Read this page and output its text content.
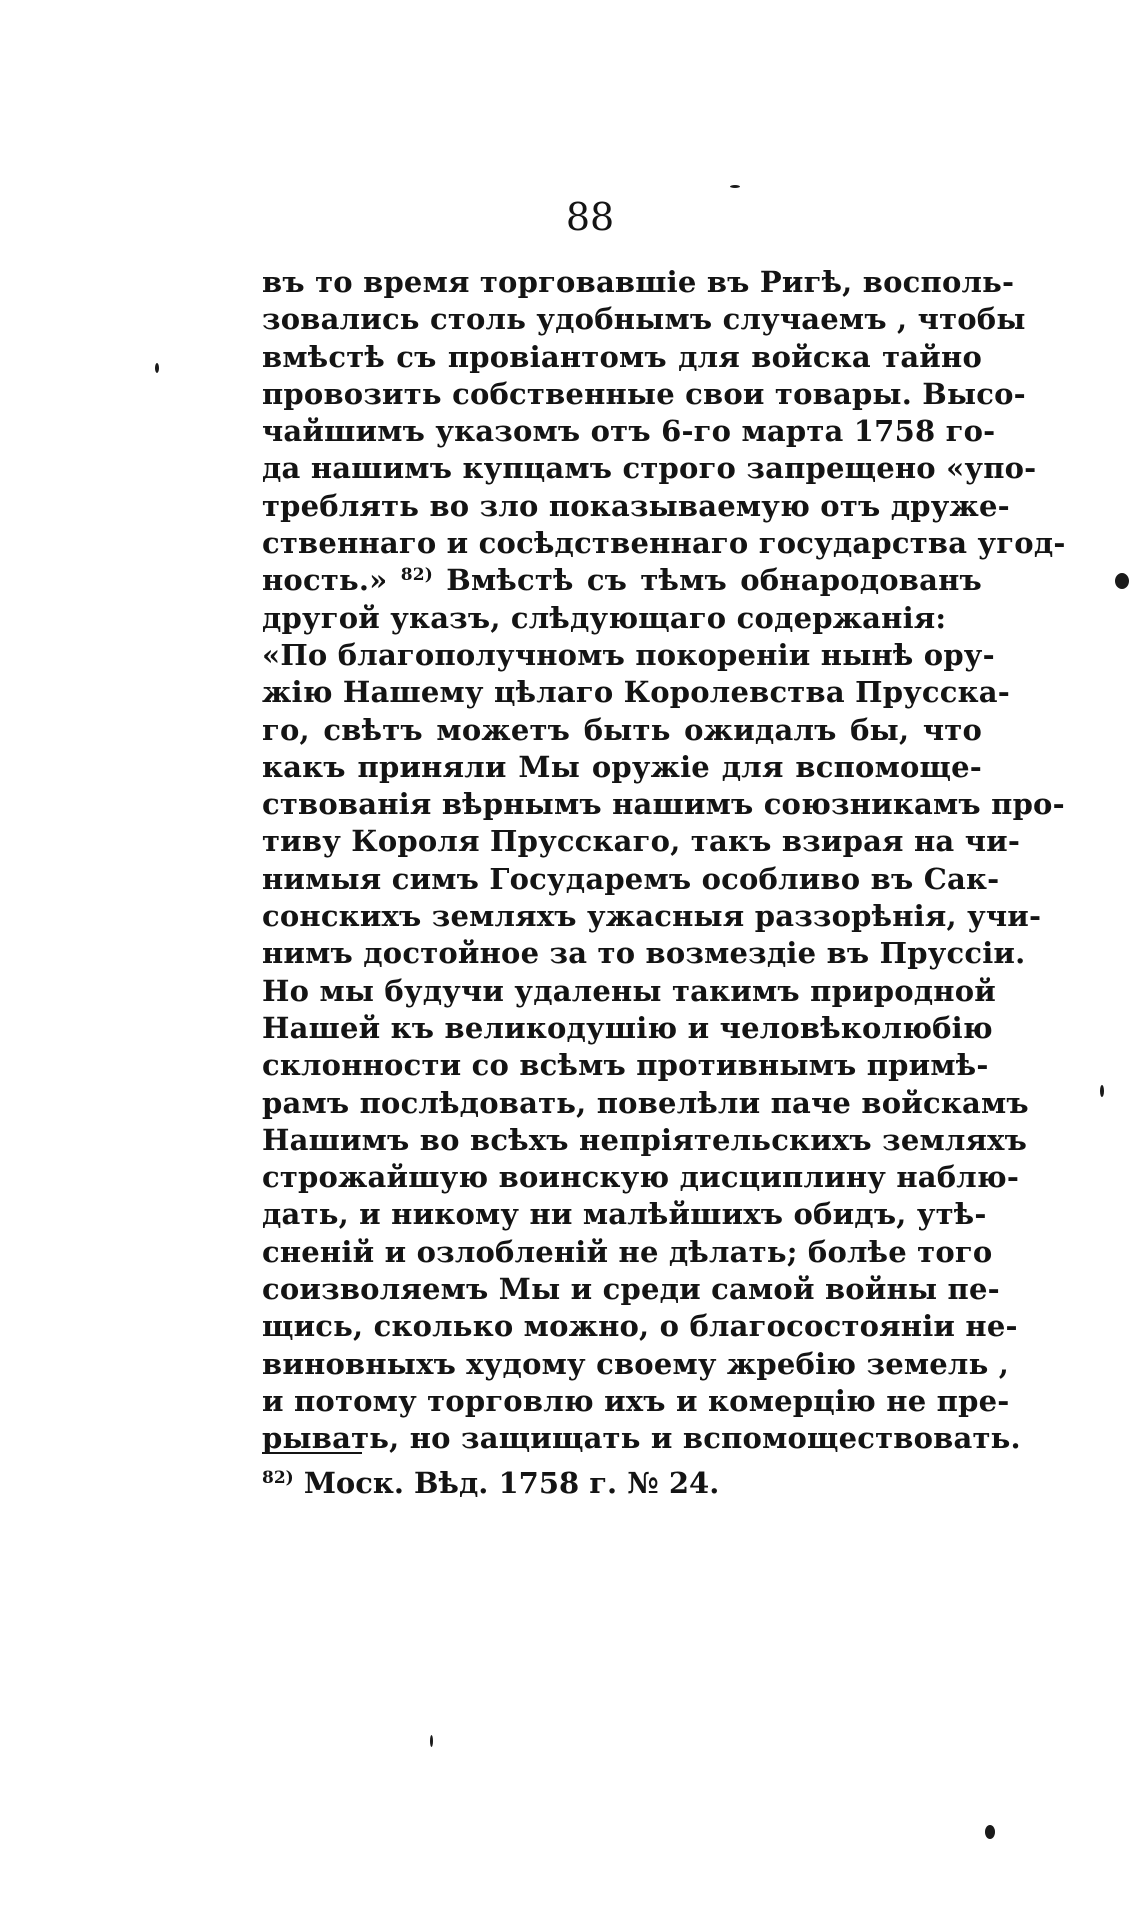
88
въ то время торговавшіе въ Ригѣ, восполь-
зовались столь удобнымъ случаемъ , чтобы
вмѣстѣ съ провіантомъ для войска тайно
провозить собственные свои товары. Высо-
чайшимъ указомъ отъ 6-го марта 1758 го-
да нашимъ купцамъ строго запрещено «упо-
треблять во зло показываемую отъ друже-
ственнаго и сосѣдственнаго государства угод-
ность.» $^{82)}$ Вмѣстѣ съ тѣмъ обнародованъ
другой указъ, слѣдующаго содержанія:
«По благополучномъ покореніи нынѣ ору-
жію Нашему цѣлаго Королевства Прусска-
го, свѣтъ можетъ быть ожидалъ бы, что
какъ приняли Мы оружіе для вспомоще-
ствованія вѣрнымъ нашимъ союзникамъ про-
тиву Короля Прусскаго, такъ взирая на чи-
нимыя симъ Государемъ особливо въ Сак-
сонскихъ земляхъ ужасныя раззорѣнія, учи-
нимъ достойное за то возмездіе въ Пруссіи.
Но мы будучи удалены такимъ природной
Нашей къ великодушію и человѣколюбію
склонности со всѣмъ противнымъ примѣ-
рамъ послѣдовать, повелѣли паче войскамъ
Нашимъ во всѣхъ непріятельскихъ земляхъ
строжайшую воинскую дисциплину наблю-
дать, и никому ни малѣйшихъ обидъ, утѣ-
сненій и озлобленій не дѣлать; болѣе того
соизволяемъ Мы и среди самой войны пе-
щись, сколько можно, о благосостояніи не-
виновныхъ худому своему жребію земель ,
и потому торговлю ихъ и комерцію не пре-
рывать, но защищать и вспомоществовать.
$^{82)}$ Моск. Вѣд. 1758 г. № 24.
